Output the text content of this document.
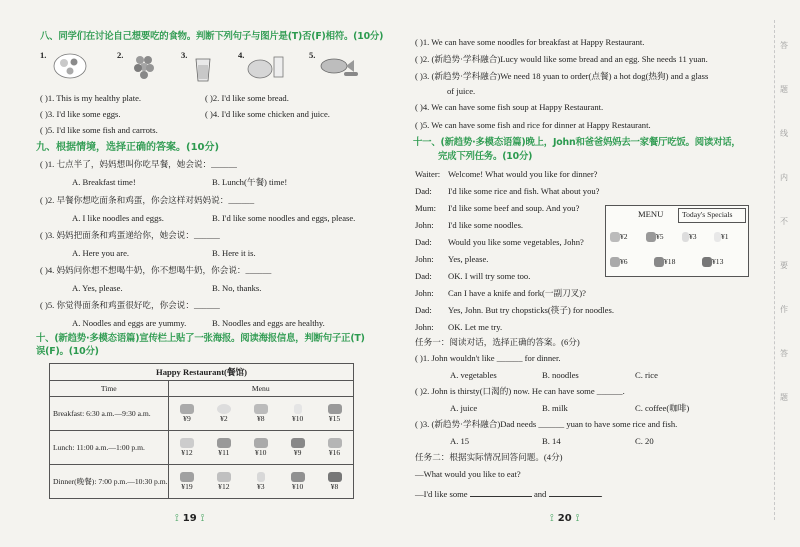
八、同学们在讨论自己想要吃的食物。判断下列句子与图片是(T)否(F)相符。(10分)
1.	2.	3.	4.	5.
( )1. This is my healthy plate.	( )2. I'd like some bread.
( )3. I'd like some eggs.	( )4. I'd like some chicken and juice.
( )5. I'd like some fish and carrots.
九、根据情境，选择正确的答案。(10分)
( )1. 七点半了，妈妈想叫你吃早餐，她会说：______
A. Breakfast time!	B. Lunch(午餐) time!
( )2. 早餐你想吃面条和鸡蛋，你会这样对妈妈说：______
A. I like noodles and eggs.	B. I'd like some noodles and eggs, please.
( )3. 妈妈把面条和鸡蛋递给你，她会说：______
A. Here you are.	B. Here it is.
( )4. 妈妈问你想不想喝牛奶，你不想喝牛奶，你会说：______
A. Yes, please.	B. No, thanks.
( )5. 你觉得面条和鸡蛋很好吃，你会说：______
A. Noodles and eggs are yummy.	B. Noodles and eggs are healthy.
十、(新趋势·多模态语篇)宣传栏上贴了一张海报。阅读海报信息，判断句子正(T)
误(F)。(10分)
Happy Restaurant(餐馆)	
Time	Menu
Breakfast: 6:30 a.m.—9:30 a.m.	¥9 ¥2 ¥8 ¥10 ¥15

Lunch: 11:00 a.m.—1:00 p.m.	¥12 ¥11 ¥10 ¥9 ¥16

Dinner(晚餐): 7:00 p.m.—10:30 p.m.	¥19 ¥12 ¥3 ¥10 ¥8
⟟ 19 ⟟
( )1. We can have some noodles for breakfast at Happy Restaurant.
( )2. (新趋势·学科融合)Lucy would like some bread and an egg. She needs 11 yuan.
( )3. (新趋势·学科融合)We need 18 yuan to order(点餐) a hot dog(热狗) and a glass
of juice.
( )4. We can have some fish soup at Happy Restaurant.
( )5. We can have some fish and rice for dinner at Happy Restaurant.
十一、(新趋势·多模态语篇)晚上，John和爸爸妈妈去一家餐厅吃饭。阅读对话，
完成下列任务。(10分)
Waiter: Welcome! What would you like for dinner?
Dad: I'd like some rice and fish. What about you?
Mum: I'd like some beef and soup. And you?
John: I'd like some noodles.
Dad: Would you like some vegetables, John?
John: Yes, please.
Dad: OK. I will try some too.
John: Can I have a knife and fork(一副刀叉)?
Dad: Yes, John. But try chopsticks(筷子) for noodles.
John: OK. Let me try.
MENU Today's Specials
¥2	¥5	¥3	¥1
¥6	¥18	¥13
任务一：阅读对话，选择正确的答案。(6分)
( )1. John wouldn't like ______ for dinner.
A. vegetables	B. noodles	C. rice
( )2. John is thirsty(口渴的) now. He can have some ______.
A. juice	B. milk	C. coffee(咖啡)
( )3. (新趋势·学科融合)Dad needs ______ yuan to have some rice and fish.
A. 15	B. 14	C. 20
任务二：根据实际情况回答问题。(4分)
—What would you like to eat?
—I'd like some	and	.
⟟ 20 ⟟
答
题
线
内
不
要
作
答
题
